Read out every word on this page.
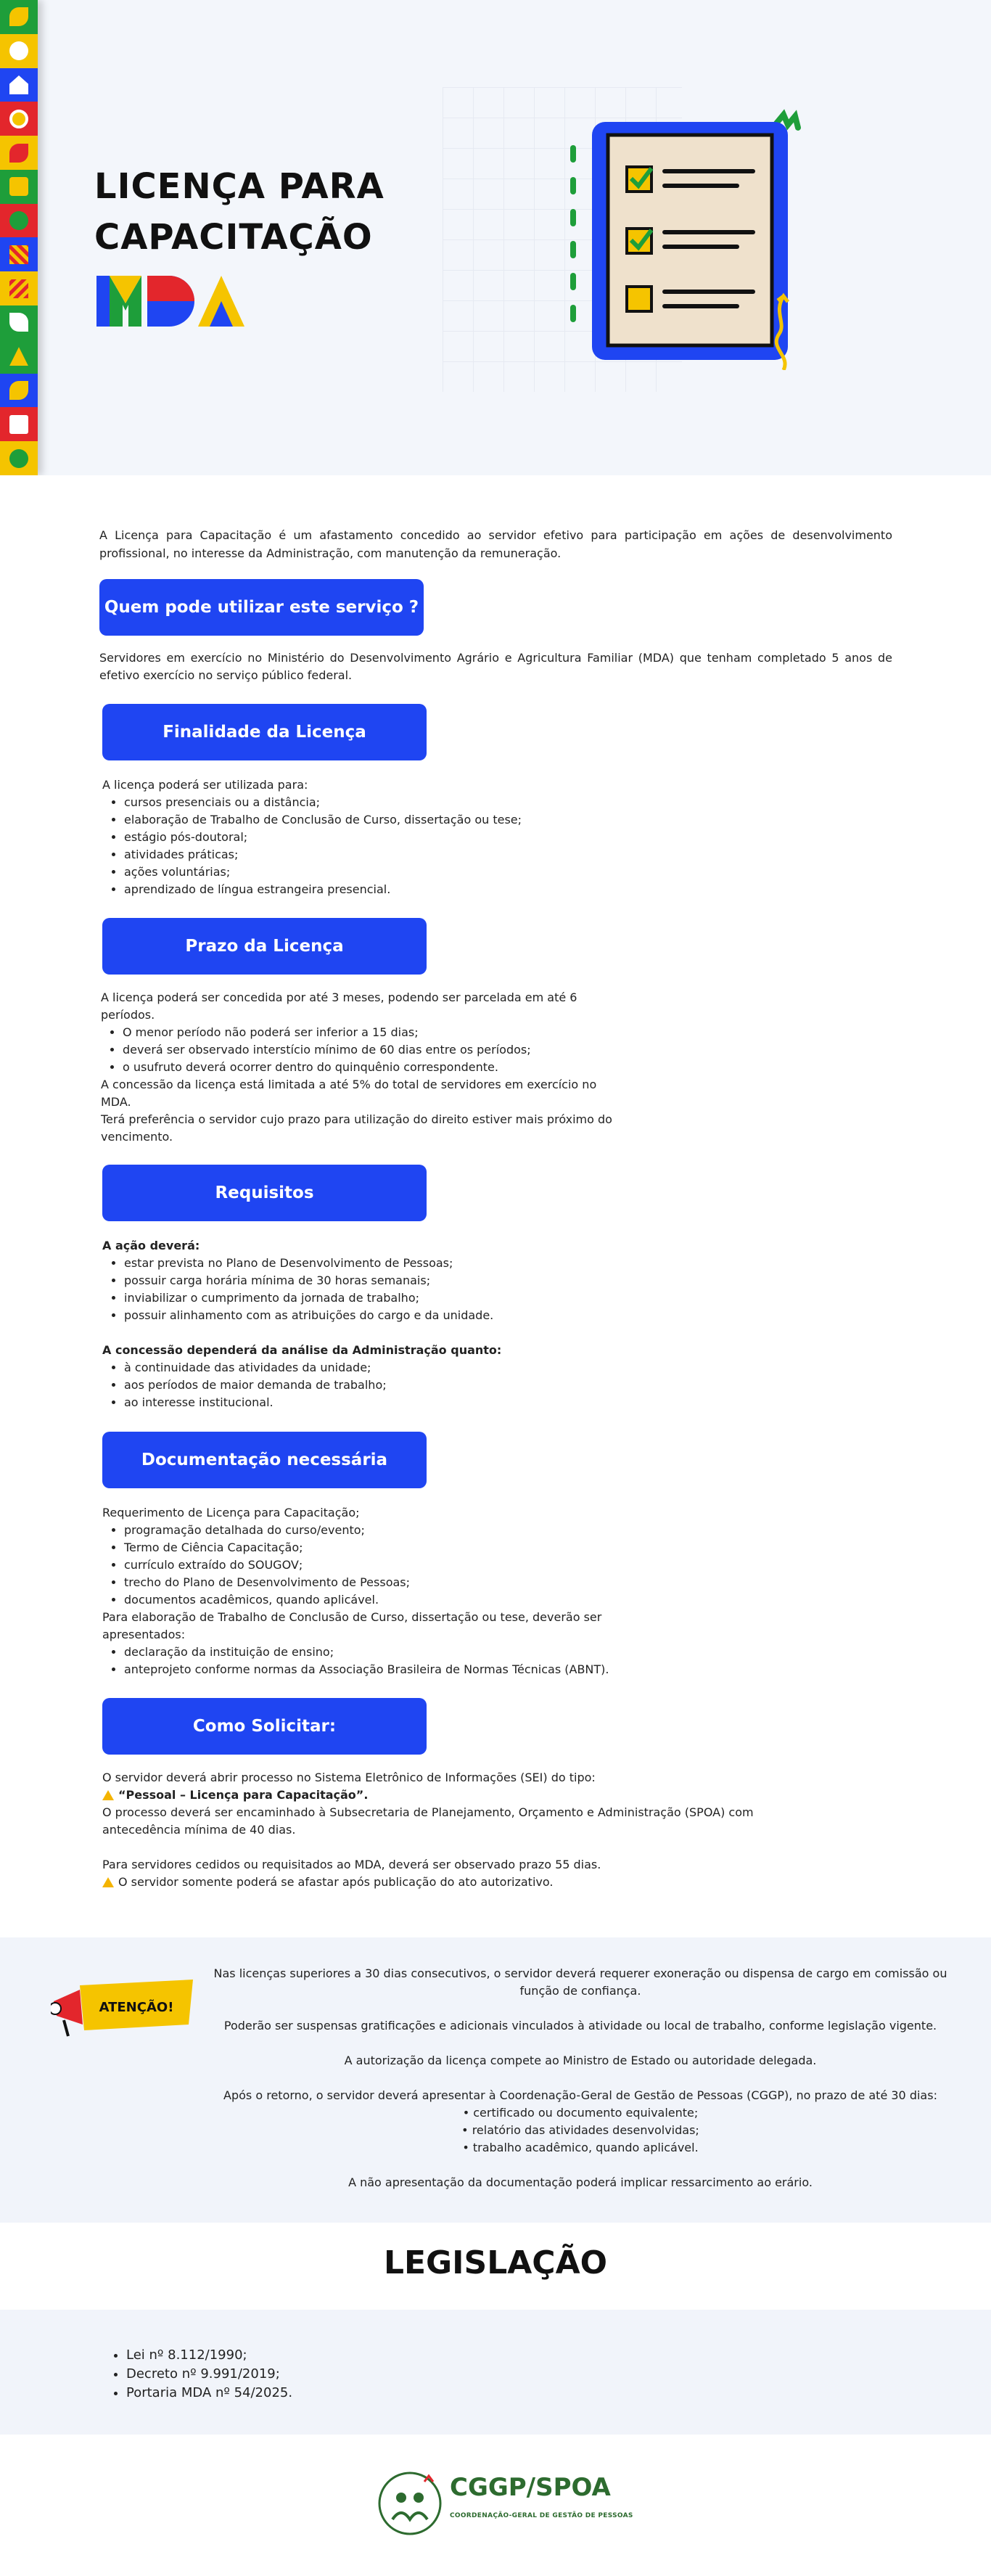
LICENÇA PARA
CAPACITAÇÃO

A Licença para Capacitação é um afastamento concedido ao servidor efetivo para participação em ações de desenvolvimento profissional, no interesse da Administração, com manutenção da remuneração.

Quem pode utilizar este serviço ?

Servidores em exercício no Ministério do Desenvolvimento Agrário e Agricultura Familiar (MDA) que tenham completado 5 anos de efetivo exercício no serviço público federal.

Finalidade da Licença
A licença poderá ser utilizada para:
• cursos presenciais ou a distância;
• elaboração de Trabalho de Conclusão de Curso, dissertação ou tese;
• estágio pós-doutoral;
• atividades práticas;
• ações voluntárias;
• aprendizado de língua estrangeira presencial.
Prazo da Licença
A licença poderá ser concedida por até 3 meses, podendo ser parcelada em até 6 períodos.
• O menor período não poderá ser inferior a 15 dias;
• deverá ser observado interstício mínimo de 60 dias entre os períodos;
• o usufruto deverá ocorrer dentro do quinquênio correspondente.
A concessão da licença está limitada a até 5% do total de servidores em exercício no MDA.
Terá preferência o servidor cujo prazo para utilização do direito estiver mais próximo do vencimento.
Requisitos
A ação deverá:
• estar prevista no Plano de Desenvolvimento de Pessoas;
• possuir carga horária mínima de 30 horas semanais;
• inviabilizar o cumprimento da jornada de trabalho;
• possuir alinhamento com as atribuições do cargo e da unidade.
A concessão dependerá da análise da Administração quanto:
• à continuidade das atividades da unidade;
• aos períodos de maior demanda de trabalho;
• ao interesse institucional.
Documentação necessária
Requerimento de Licença para Capacitação;
• programação detalhada do curso/evento;
• Termo de Ciência Capacitação;
• currículo extraído do SOUGOV;
• trecho do Plano de Desenvolvimento de Pessoas;
• documentos acadêmicos, quando aplicável.
Para elaboração de Trabalho de Conclusão de Curso, dissertação ou tese, deverão ser apresentados:
• declaração da instituição de ensino;
• anteprojeto conforme normas da Associação Brasileira de Normas Técnicas (ABNT).
Como Solicitar:
O servidor deverá abrir processo no Sistema Eletrônico de Informações (SEI) do tipo:
“Pessoal – Licença para Capacitação”.
O processo deverá ser encaminhado à Subsecretaria de Planejamento, Orçamento e Administração (SPOA) com antecedência mínima de 40 dias.
Para servidores cedidos ou requisitados ao MDA, deverá ser observado prazo 55 dias.
O servidor somente poderá se afastar após publicação do ato autorizativo.
ATENÇÃO!

Nas licenças superiores a 30 dias consecutivos, o servidor deverá requerer exoneração ou dispensa de cargo em comissão ou função de confiança.

Poderão ser suspensas gratificações e adicionais vinculados à atividade ou local de trabalho, conforme legislação vigente.

A autorização da licença compete ao Ministro de Estado ou autoridade delegada.

Após o retorno, o servidor deverá apresentar à Coordenação-Geral de Gestão de Pessoas (CGGP), no prazo de até 30 dias:
• certificado ou documento equivalente;
• relatório das atividades desenvolvidas;
• trabalho acadêmico, quando aplicável.

A não apresentação da documentação poderá implicar ressarcimento ao erário.

LEGISLAÇÃO
• Lei nº 8.112/1990;
• Decreto nº 9.991/2019;
• Portaria MDA nº 54/2025.
CGGP/SPOA
COORDENAÇÃO-GERAL DE GESTÃO DE PESSOAS
